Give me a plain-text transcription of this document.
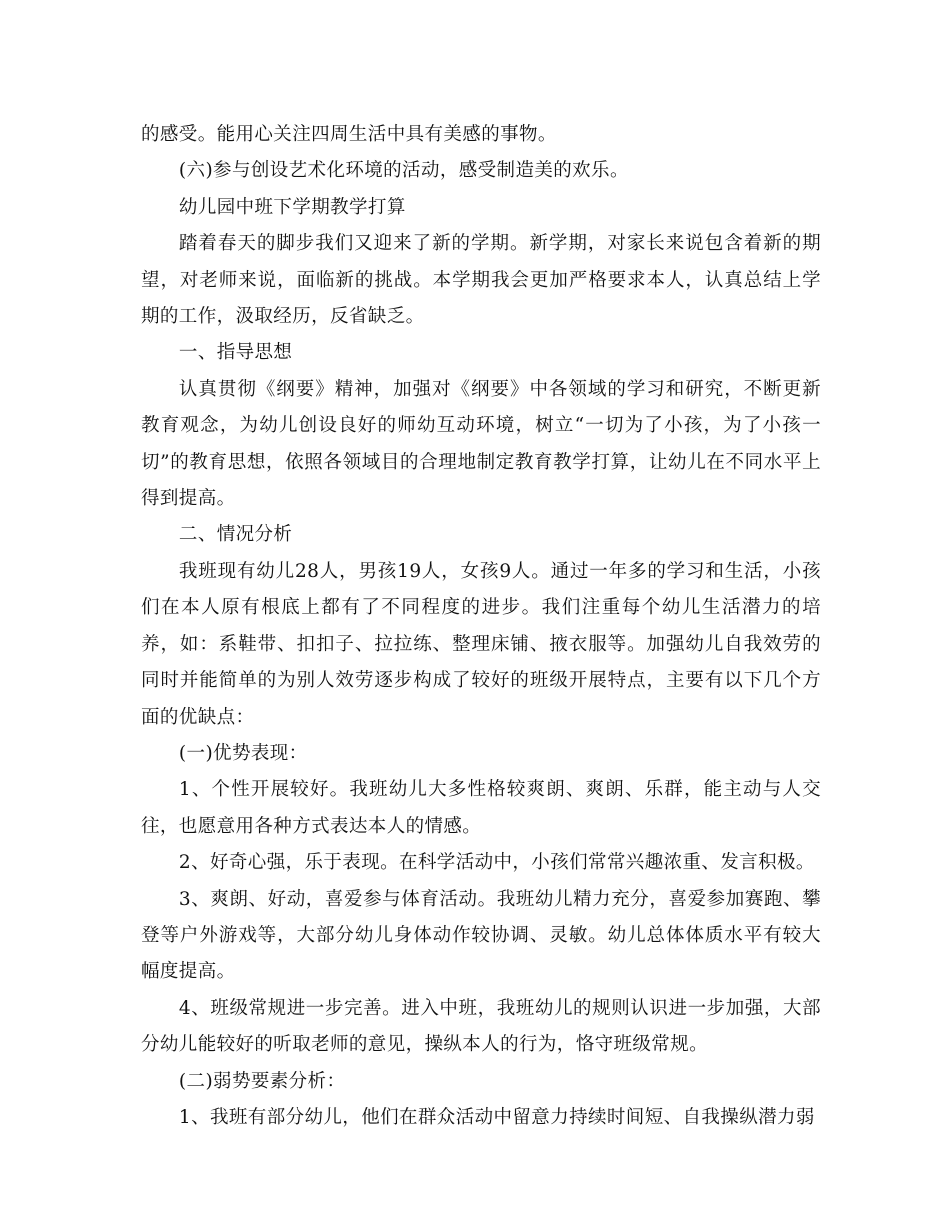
的感受。能用心关注四周生活中具有美感的事物。

(六)参与创设艺术化环境的活动，感受制造美的欢乐。

幼儿园中班下学期教学打算

踏着春天的脚步我们又迎来了新的学期。新学期，对家长来说包含着新的期望，对老师来说，面临新的挑战。本学期我会更加严格要求本人，认真总结上学期的工作，汲取经历，反省缺乏。

一、指导思想

认真贯彻《纲要》精神，加强对《纲要》中各领域的学习和研究，不断更新教育观念，为幼儿创设良好的师幼互动环境，树立“一切为了小孩，为了小孩一切”的教育思想，依照各领域目的合理地制定教育教学打算，让幼儿在不同水平上得到提高。

二、情况分析

我班现有幼儿28人，男孩19人，女孩9人。通过一年多的学习和生活，小孩们在本人原有根底上都有了不同程度的进步。我们注重每个幼儿生活潜力的培养，如：系鞋带、扣扣子、拉拉练、整理床铺、掖衣服等。加强幼儿自我效劳的同时并能简单的为别人效劳逐步构成了较好的班级开展特点，主要有以下几个方面的优缺点：

(一)优势表现：

1、个性开展较好。我班幼儿大多性格较爽朗、爽朗、乐群，能主动与人交往，也愿意用各种方式表达本人的情感。

2、好奇心强，乐于表现。在科学活动中，小孩们常常兴趣浓重、发言积极。

3、爽朗、好动，喜爱参与体育活动。我班幼儿精力充分，喜爱参加赛跑、攀登等户外游戏等，大部分幼儿身体动作较协调、灵敏。幼儿总体体质水平有较大幅度提高。

4、班级常规进一步完善。进入中班，我班幼儿的规则认识进一步加强，大部分幼儿能较好的听取老师的意见，操纵本人的行为，恪守班级常规。

(二)弱势要素分析：

1、我班有部分幼儿，他们在群众活动中留意力持续时间短、自我操纵潜力弱
